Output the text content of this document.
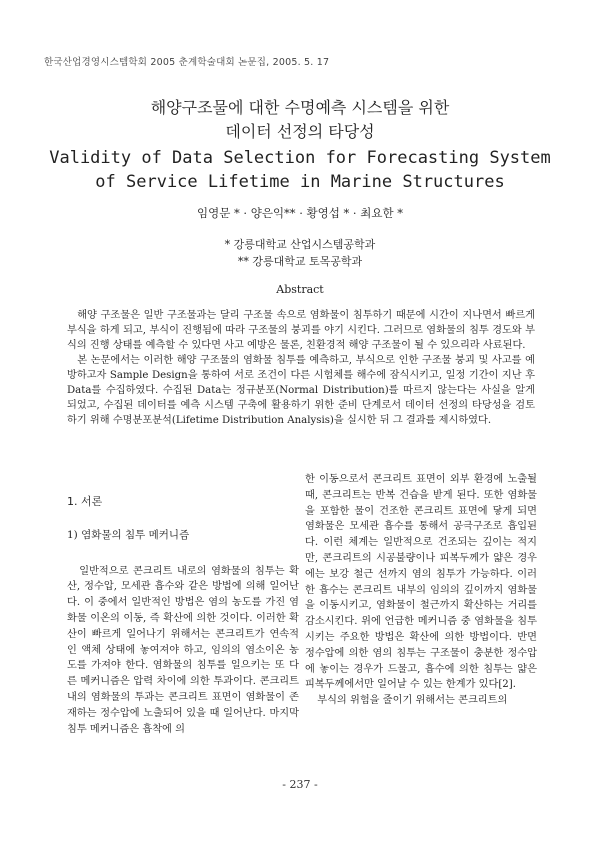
한국산업경영시스템학회 2005 춘계학술대회 논문집, 2005. 5. 17
해양구조물에 대한 수명예측 시스템을 위한
데이터 선정의 타당성
Validity of Data Selection for Forecasting System
of Service Lifetime in Marine Structures
임영문 * · 양은익** · 황영섭 * · 최요한 *
* 강릉대학교 산업시스템공학과
** 강릉대학교 토목공학과
Abstract

해양 구조물은 일반 구조물과는 달리 구조물 속으로 염화물이 침투하기 때문에 시간이 지나면서 빠르게 부식을 하게 되고, 부식이 진행됨에 따라 구조물의 붕괴를 야기 시킨다. 그러므로 염화물의 침투 경도와 부식의 진행 상태를 예측할 수 있다면 사고 예방은 물론, 친환경적 해양 구조물이 될 수 있으리라 사료된다.

본 논문에서는 이러한 해양 구조물의 염화물 침투를 예측하고, 부식으로 인한 구조물 붕괴 및 사고를 예방하고자 Sample Design을 통하여 서로 조건이 다른 시험체를 해수에 잠식시키고, 일정 기간이 지난 후 Data를 수집하였다. 수집된 Data는 정규분포(Normal Distribution)를 따르지 않는다는 사실을 알게 되었고, 수집된 데이터를 예측 시스템 구축에 활용하기 위한 준비 단계로서 데이터 선정의 타당성을 검토하기 위해 수명분포분석(Lifetime Distribution Analysis)을 실시한 뒤 그 결과를 제시하였다.

1. 서론
1) 염화물의 침투 메커니즘

일반적으로 콘크리트 내로의 염화물의 침투는 확산, 정수압, 모세관 흡수와 같은 방법에 의해 일어난다. 이 중에서 일반적인 방법은 염의 농도를 가진 염화물 이온의 이동, 즉 확산에 의한 것이다. 이러한 확산이 빠르게 일어나기 위해서는 콘크리트가 연속적인 액체 상태에 놓여져야 하고, 임의의 염소이온 농도를 가져야 한다. 염화물의 침투를 일으키는 또 다른 메커니즘은 압력 차이에 의한 투과이다. 콘크리트내의 염화물의 투과는 콘크리트 표면이 염화물이 존재하는 정수압에 노출되어 있을 때 일어난다. 마지막 침투 메커니즘은 흡착에 의

한 이동으로서 콘크리트 표면이 외부 환경에 노출될 때, 콘크리트는 반복 건습을 받게 된다. 또한 염화물을 포함한 물이 건조한 콘크리트 표면에 닿게 되면 염화물은 모세관 흡수를 통해서 공극구조로 흡입된다. 이런 체계는 일반적으로 건조되는 깊이는 적지만, 콘크리트의 시공불량이나 피복두께가 얇은 경우에는 보강 철근 선까지 염의 침투가 가능하다. 이러한 흡수는 콘크리트 내부의 임의의 깊이까지 염화물을 이동시키고, 염화물이 철근까지 확산하는 거리를 감소시킨다. 위에 언급한 메커니즘 중 염화물을 침투시키는 주요한 방법은 확산에 의한 방법이다. 반면 정수압에 의한 염의 침투는 구조물이 충분한 정수압에 놓이는 경우가 드물고, 흡수에 의한 침투는 얇은 피복두께에서만 일어날 수 있는 한계가 있다[2].

부식의 위험을 줄이기 위해서는 콘크리트의

- 237 -
